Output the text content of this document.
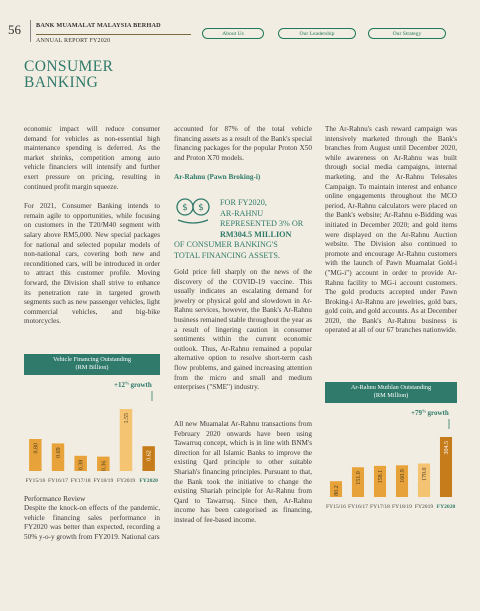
56 BANK MUAMALAT MALAYSIA BERHAD
ANNUAL REPORT FY2020
About Us	Our Leadership	Our Strategy
CONSUMER
BANKING

economic impact will reduce consumer demand for vehicles as non-essential high maintenance spending is deferred. As the market shrinks, competition among auto vehicle financiers will intensify and further exert pressure on pricing, resulting in continued profit margin squeeze.

For 2021, Consumer Banking intends to remain agile to opportunities, while focusing on customers in the T20/M40 segment with salary above RM5,000. New special packages for national and selected popular models of non-national cars, covering both new and reconditioned cars, will be introduced in order to attract this customer profile. Moving forward, the Division shall strive to enhance its penetration rate in targeted growth segments such as new passenger vehicles, light commercial vehicles, and big-bike motorcycles.

Vehicle Financing Outstanding
(RM Billion)
+12%growth
0.80
FY15/16
0.69
FY16/17
0.38
FY17/18
0.36
FY18/19
1.55
FY2019
0.62
FY2020
Performance Review

Despite the knock-on effects of the pandemic, vehicle financing sales performance in FY2020 was better than expected, recording a 50% y-o-y growth from FY2019. National cars

accounted for 87% of the total vehicle financing assets as a result of the Bank's special financing packages for the popular Proton X50 and Proton X70 models.

Ar-Rahnu (Pawn Broking-i)

$ $
FOR FY2020,
AR-RAHNU
REPRESENTED 3% OR
RM304.5 MILLION
OF CONSUMER BANKING'S
TOTAL FINANCING ASSETS.

Gold price fell sharply on the news of the discovery of the COVID-19 vaccine. This usually indicates an escalating demand for jewelry or physical gold and slowdown in Ar-Rahnu services, however, the Bank's Ar-Rahnu business remained stable throughout the year as a result of lingering caution in consumer sentiments within the current economic outlook. Thus, Ar-Rahnu remained a popular alternative option to resolve short-term cash flow problems, and gained increasing attention from the micro and small and medium enterprises ("SME") industry.

All new Muamalat Ar-Rahnu transactions from February 2020 onwards have been using Tawarruq concept, which is in line with BNM's direction for all Islamic Banks to improve the existing Qard principle to other suitable Shariah's financing principles. Pursuant to that, the Bank took the initiative to change the existing Shariah principle for Ar-Rahnu from Qard to Tawarruq. Since then, Ar-Rahnu income has been categorised as financing, instead of fee-based income.

The Ar-Rahnu's cash reward campaign was intensively marketed through the Bank's branches from August until December 2020, while awareness on Ar-Rahnu was built through social media campaigns, internal marketing, and the Ar-Rahnu Telesales Campaign. To maintain interest and enhance online engagements throughout the MCO period, Ar-Rahnu calculators were placed on the Bank's website; Ar-Rahnu e-Bidding was initiated in December 2020; and gold items were displayed on the Ar-Rahnu Auction website. The Division also continued to promote and encourage Ar-Rahnu customers with the launch of Pawn Muamalat Gold-i ("MG-i") account in order to provide Ar-Rahnu facility to MG-i account customers. The gold products accepted under Pawn Broking-i Ar-Rahnu are jewelries, gold bars, gold coin, and gold accounts. As at December 2020, the Bank's Ar-Rahnu business is operated at all of our 67 branches nationwide.

Ar-Rahnu Muthlan Outstanding
(RM Million)
+79%growth
80.2
FY15/16
151.0
FY16/17
158.1
FY17/18
160.9
FY18/19
170.0
FY2019
304.5
FY2020
